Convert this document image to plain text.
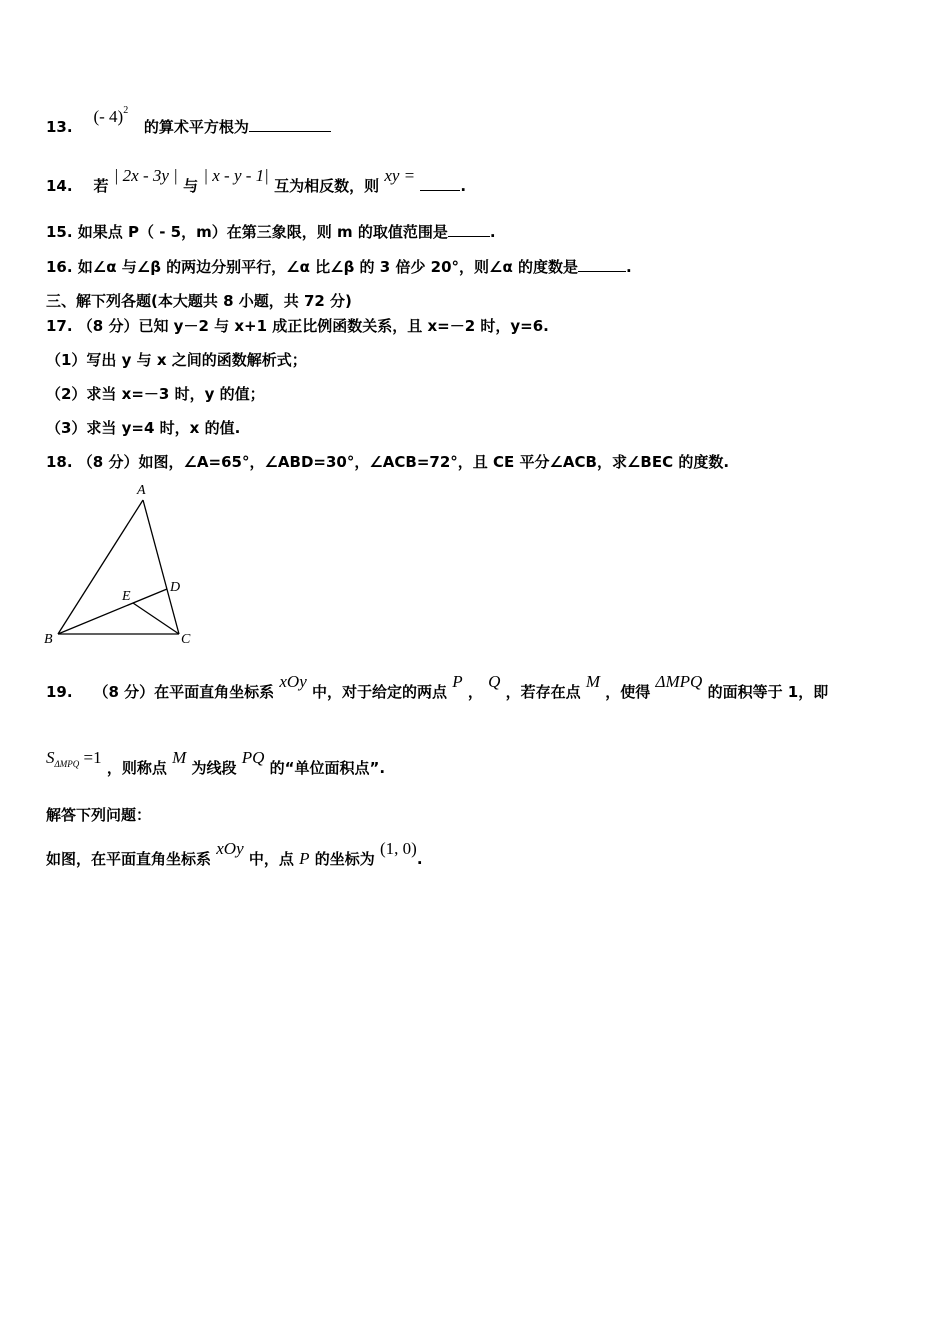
13.    (- 4)$^2$   的算术平方根为
14. 若 | 2x - 3y | 与 | x - y - 1| 互为相反数，则 xy = .
15. 如果点 P（ - 5，m）在第三象限，则 m 的取值范围是	.
16. 如∠α 与∠β 的两边分别平行，∠α 比∠β 的 3 倍少 20°，则∠α 的度数是	.
三、解下列各题(本大题共 8 小题，共 72 分)
17. （8 分）已知 y－2 与 x+1 成正比例函数关系，且 x=－2 时，y=6.
（1）写出 y 与 x 之间的函数解析式；
（2）求当 x=－3 时，y 的值；
（3）求当 y=4 时，x 的值.
18. （8 分）如图，∠A=65°，∠ABD=30°，∠ACB=72°，且 CE 平分∠ACB，求∠BEC 的度数.
A
B	C
D
E
19. （8 分）在平面直角坐标系 xOy 中，对于给定的两点 P ， Q ，若存在点 M ，使得 ΔMPQ 的面积等于 1，即
$S_{\Delta MPQ} =1$ ，则称点 M 为线段 PQ 的“单位面积点”.
解答下列问题：
如图，在平面直角坐标系 xOy 中，点 P 的坐标为 (1, 0).
